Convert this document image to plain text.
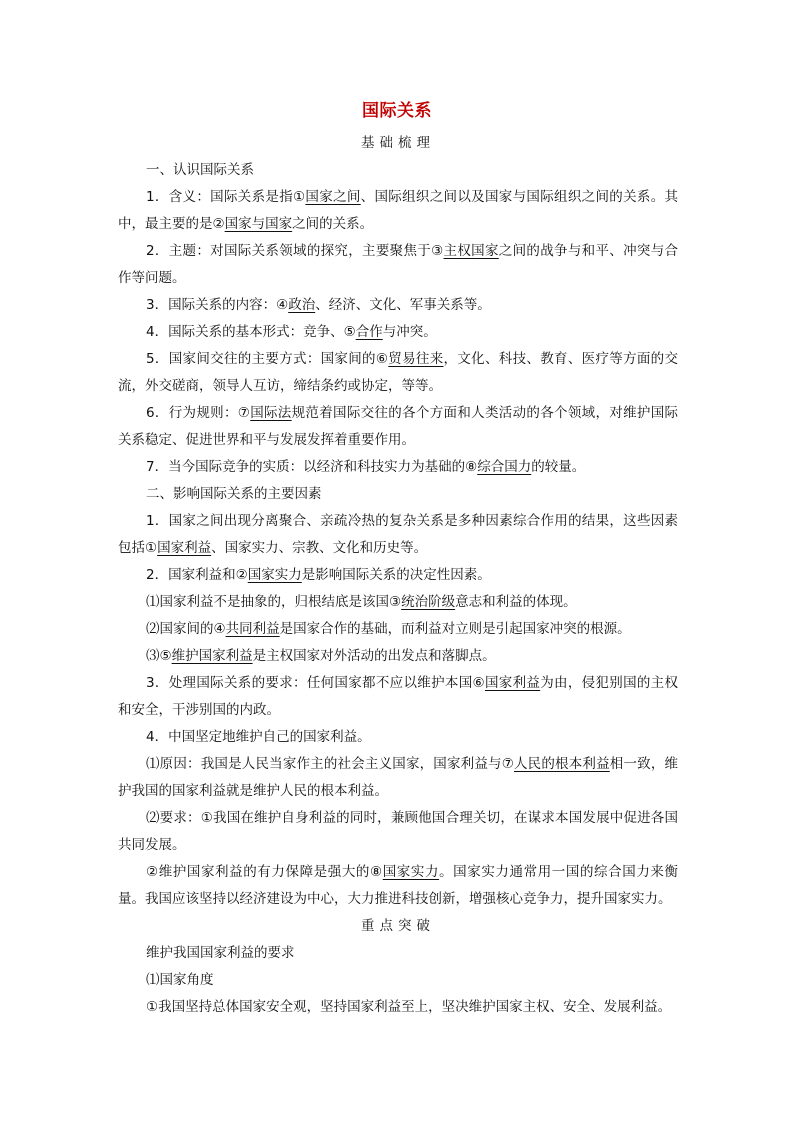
国际关系

基础梳理

一、认识国际关系

1．含义：国际关系是指①国家之间、国际组织之间以及国家与国际组织之间的关系。其中，最主要的是②国家与国家之间的关系。

2．主题：对国际关系领域的探究，主要聚焦于③主权国家之间的战争与和平、冲突与合作等问题。

3．国际关系的内容：④政治、经济、文化、军事关系等。

4．国际关系的基本形式：竞争、⑤合作与冲突。

5．国家间交往的主要方式：国家间的⑥贸易往来，文化、科技、教育、医疗等方面的交流，外交磋商，领导人互访，缔结条约或协定，等等。

6．行为规则：⑦国际法规范着国际交往的各个方面和人类活动的各个领域，对维护国际关系稳定、促进世界和平与发展发挥着重要作用。

7．当今国际竞争的实质：以经济和科技实力为基础的⑧综合国力的较量。

二、影响国际关系的主要因素

1．国家之间出现分离聚合、亲疏冷热的复杂关系是多种因素综合作用的结果，这些因素包括①国家利益、国家实力、宗教、文化和历史等。

2．国家利益和②国家实力是影响国际关系的决定性因素。

⑴国家利益不是抽象的，归根结底是该国③统治阶级意志和利益的体现。

⑵国家间的④共同利益是国家合作的基础，而利益对立则是引起国家冲突的根源。

⑶⑤维护国家利益是主权国家对外活动的出发点和落脚点。

3．处理国际关系的要求：任何国家都不应以维护本国⑥国家利益为由，侵犯别国的主权和安全，干涉别国的内政。

4．中国坚定地维护自己的国家利益。

⑴原因：我国是人民当家作主的社会主义国家，国家利益与⑦人民的根本利益相一致，维护我国的国家利益就是维护人民的根本利益。

⑵要求：①我国在维护自身利益的同时，兼顾他国合理关切，在谋求本国发展中促进各国共同发展。

②维护国家利益的有力保障是强大的⑧国家实力。国家实力通常用一国的综合国力来衡量。我国应该坚持以经济建设为中心，大力推进科技创新，增强核心竞争力，提升国家实力。

重点突破

维护我国国家利益的要求

⑴国家角度

①我国坚持总体国家安全观，坚持国家利益至上，坚决维护国家主权、安全、发展利益。
